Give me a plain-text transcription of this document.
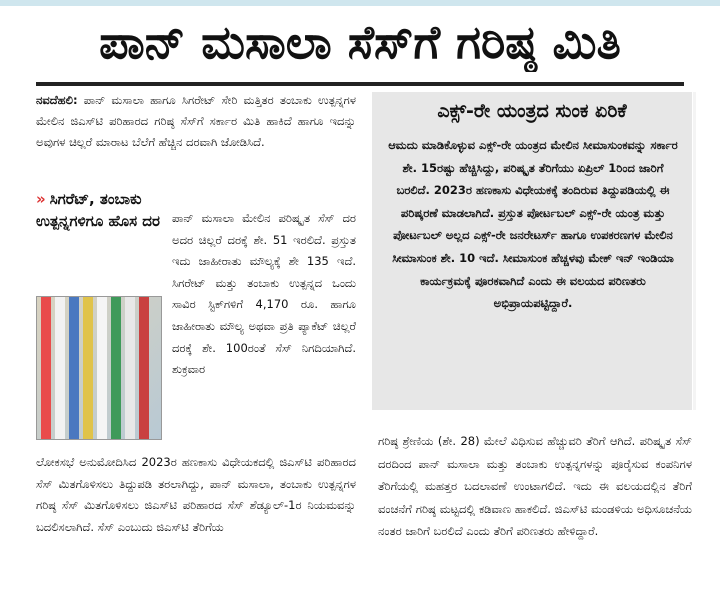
ಪಾನ್ ಮಸಾಲಾ ಸೆಸ್‌ಗೆ ಗರಿಷ್ಠ ಮಿತಿ

ನವದೆಹಲಿ: ಪಾನ್ ಮಸಾಲಾ ಹಾಗೂ ಸಿಗರೇಟ್ ಸೇರಿ ಮತ್ತಿತರ ತಂಬಾಕು ಉತ್ಪನ್ನಗಳ ಮೇಲಿನ ಜಿಎಸ್‌ಟಿ ಪರಿಹಾರದ ಗರಿಷ್ಠ ಸೆಸ್‌ಗೆ ಸರ್ಕಾರ ಮಿತಿ ಹಾಕಿದೆ ಹಾಗೂ ಇದನ್ನು ಅವುಗಳ ಚಿಲ್ಲರೆ ಮಾರಾಟ ಬೆಲೆಗೆ ಹೆಚ್ಚಿನ ದರವಾಗಿ ಜೋಡಿಸಿದೆ.

» ಸಿಗರೆಟ್, ತಂಬಾಕು ಉತ್ಪನ್ನಗಳಿಗೂ ಹೊಸ ದರ ಪಾನ್ ಮಸಾಲಾ ಮೇಲಿನ ಪರಿಷ್ಕೃತ ಸೆಸ್ ದರ ಅದರ ಚಿಲ್ಲರೆ ದರಕ್ಕೆ ಶೇ. 51 ಇರಲಿದೆ. ಪ್ರಸ್ತುತ ಇದು ಜಾಹೀರಾತು ಮೌಲ್ಯಕ್ಕೆ ಶೇ 135 ಇದೆ. ಸಿಗರೇಟ್ ಮತ್ತು ತಂಬಾಕು ಉತ್ಪನ್ನದ ಒಂದು ಸಾವಿರ ಸ್ಟಿಕ್‌ಗಳಿಗೆ 4,170 ರೂ. ಹಾಗೂ ಜಾಹೀರಾತು ಮೌಲ್ಯ ಅಥವಾ ಪ್ರತಿ ಪ್ಯಾಕೆಟ್ ಚಿಲ್ಲರೆ ದರಕ್ಕೆ ಶೇ. 100ರಂತೆ ಸೆಸ್ ನಿಗದಿಯಾಗಿದೆ. ಶುಕ್ರವಾರ
ಲೋಕಸಭೆ ಅನುಮೋದಿಸಿದ 2023ರ ಹಣಕಾಸು ವಿಧೇಯಕದಲ್ಲಿ ಜಿಎಸ್‌ಟಿ ಪರಿಹಾರದ ಸೆಸ್ ಮಿತಗೊಳಿಸಲು ತಿದ್ದುಪಡಿ ತರಲಾಗಿದ್ದು, ಪಾನ್ ಮಸಾಲಾ, ತಂಬಾಕು ಉತ್ಪನ್ನಗಳ ಗರಿಷ್ಠ ಸೆಸ್ ಮಿತಗೊಳಿಸಲು ಜಿಎಸ್‌ಟಿ ಪರಿಹಾರದ ಸೆಸ್ ಶೆಡ್ಯೂಲ್-1ರ ನಿಯಮವನ್ನು ಬದಲಿಸಲಾಗಿದೆ. ಸೆಸ್ ಎಂಬುದು ಜಿಎಸ್‌ಟಿ ತೆರಿಗೆಯ
ಎಕ್ಸ್-ರೇ ಯಂತ್ರದ ಸುಂಕ ಏರಿಕೆ
ಆಮದು ಮಾಡಿಕೊಳ್ಳುವ ಎಕ್ಸ್-ರೇ ಯಂತ್ರದ ಮೇಲಿನ ಸೀಮಾಸುಂಕವನ್ನು ಸರ್ಕಾರ ಶೇ. 15ರಷ್ಟು ಹೆಚ್ಚಿಸಿದ್ದು, ಪರಿಷ್ಕೃತ ತೆರಿಗೆಯು ಏಪ್ರಿಲ್ 1ರಿಂದ ಜಾರಿಗೆ ಬರಲಿದೆ. 2023ರ ಹಣಕಾಸು ವಿಧೇಯಕಕ್ಕೆ ತಂದಿರುವ ತಿದ್ದುಪಡಿಯಲ್ಲಿ ಈ ಪರಿಷ್ಕರಣೆ ಮಾಡಲಾಗಿದೆ. ಪ್ರಸ್ತುತ ಪೋರ್ಟಬಲ್ ಎಕ್ಸ್-ರೇ ಯಂತ್ರ ಮತ್ತು ಪೋರ್ಟಬಲ್ ಅಲ್ಲದ ಎಕ್ಸ್-ರೇ ಜನರೇಟರ್ಸ್ ಹಾಗೂ ಉಪಕರಣಗಳ ಮೇಲಿನ ಸೀಮಾಸುಂಕ ಶೇ. 10 ಇದೆ. ಸೀಮಾಸುಂಕ ಹೆಚ್ಚಳವು ಮೇಕ್ ಇನ್ ಇಂಡಿಯಾ ಕಾರ್ಯಕ್ರಮಕ್ಕೆ ಪೂರಕವಾಗಿದೆ ಎಂದು ಈ ವಲಯದ ಪರಿಣತರು ಅಭಿಪ್ರಾಯಪಟ್ಟಿದ್ದಾರೆ.
ಗರಿಷ್ಠ ಶ್ರೇಣಿಯ (ಶೇ. 28) ಮೇಲೆ ವಿಧಿಸುವ ಹೆಚ್ಚುವರಿ ತೆರಿಗೆ ಆಗಿದೆ. ಪರಿಷ್ಕೃತ ಸೆಸ್ ದರದಿಂದ ಪಾನ್ ಮಸಾಲಾ ಮತ್ತು ತಂಬಾಕು ಉತ್ಪನ್ನಗಳನ್ನು ಪೂರೈಸುವ ಕಂಪನಿಗಳ ತೆರಿಗೆಯಲ್ಲಿ ಮಹತ್ತರ ಬದಲಾವಣೆ ಉಂಟಾಗಲಿದೆ. ಇದು ಈ ವಲಯದಲ್ಲಿನ ತೆರಿಗೆ ವಂಚನೆಗೆ ಗರಿಷ್ಠ ಮಟ್ಟದಲ್ಲಿ ಕಡಿವಾಣ ಹಾಕಲಿದೆ. ಜಿಎಸ್‌ಟಿ ಮಂಡಳಿಯ ಅಧಿಸೂಚನೆಯ ನಂತರ ಜಾರಿಗೆ ಬರಲಿದೆ ಎಂದು ತೆರಿಗೆ ಪರಿಣತರು ಹೇಳಿದ್ದಾರೆ.
